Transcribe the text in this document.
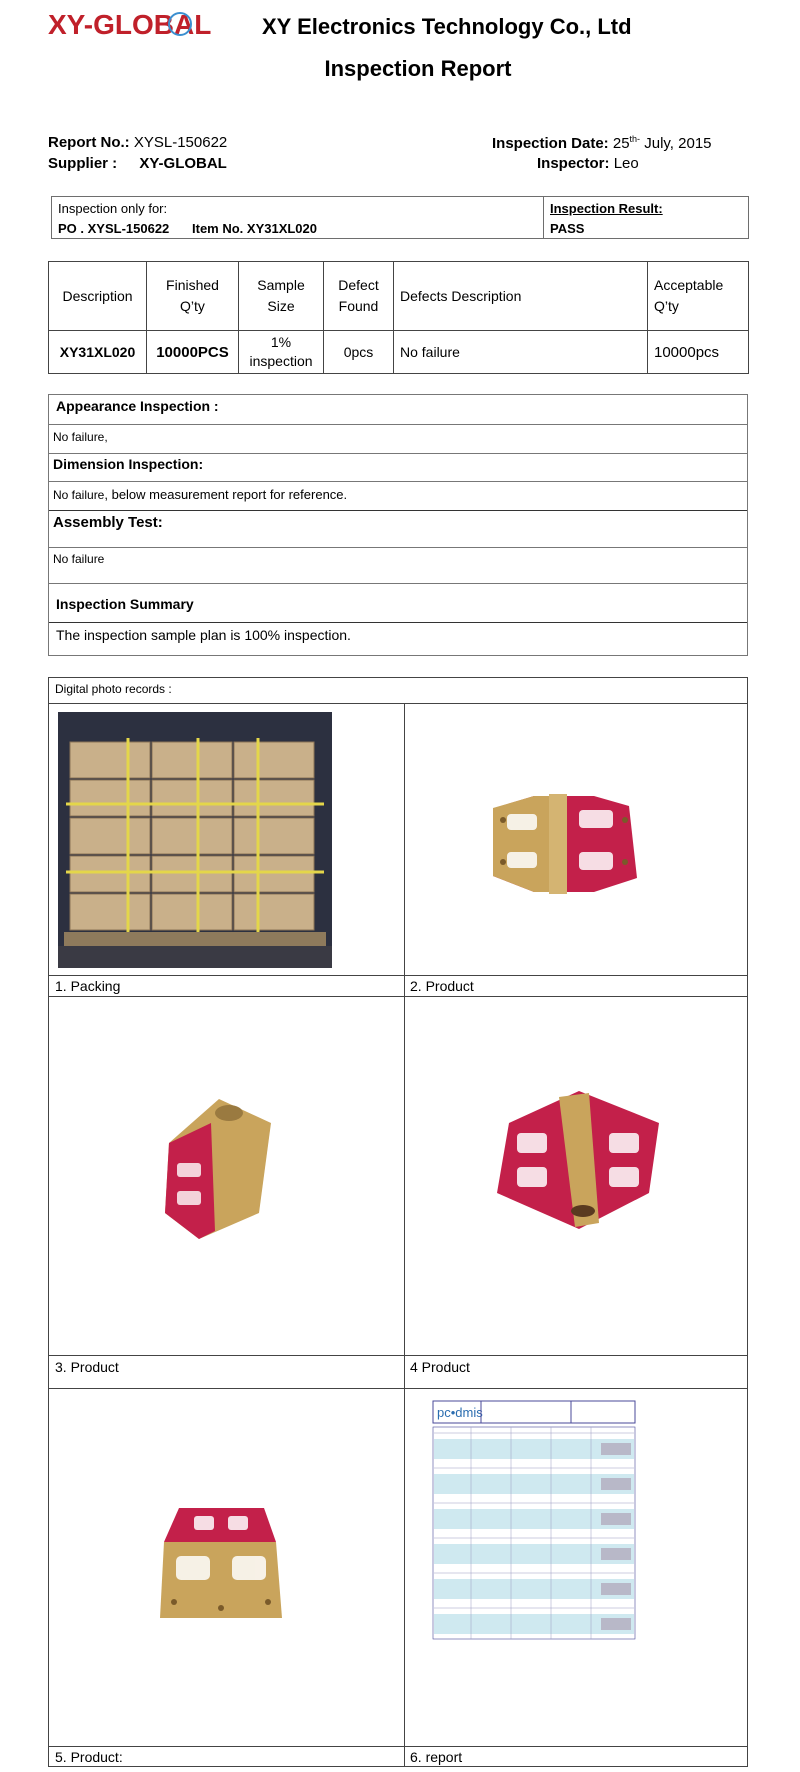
XY-GLOBAL XY Electronics Technology Co., Ltd
Inspection Report
Report No.: XYSL-150622
Supplier : XY-GLOBAL
Inspection Date: $25^{th-}$ July, 2015
Inspector: Leo
Inspection only for:
PO . XYSL-150622 Item No. XY31XL020
Inspection Result:
PASS
Description	Finished Q’ty	Sample Size	Defect Found	Defects Description	Acceptable Q’ty
XY31XL020	10000PCS	1% inspection	0pcs	No failure	10000pcs
Appearance Inspection :
No failure,
Dimension Inspection:
No failure, below measurement report for reference.
Assembly Test:
No failure
Inspection Summary
The inspection sample plan is 100% inspection.
Digital photo records :
pc•dmis
1. Packing	2. Product
3. Product	4 Product
5. Product:	6. report
